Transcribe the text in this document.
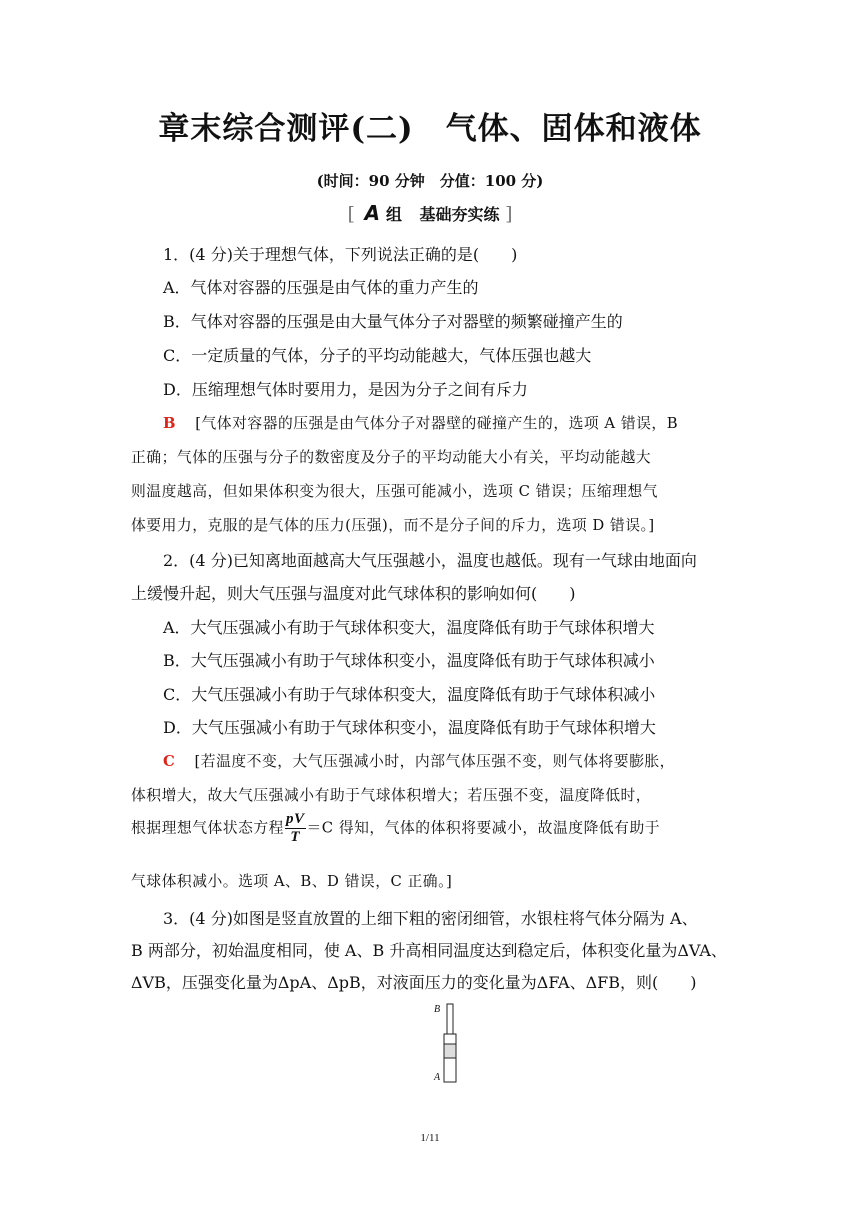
章末综合测评(二)　气体、固体和液体
(时间：90 分钟　分值：100 分)
[ A 组 基础夯实练 ]
1．(4 分)关于理想气体，下列说法正确的是(　　)
A．气体对容器的压强是由气体的重力产生的
B．气体对容器的压强是由大量气体分子对器壁的频繁碰撞产生的
C．一定质量的气体，分子的平均动能越大，气体压强也越大
D．压缩理想气体时要用力，是因为分子之间有斥力
B [气体对容器的压强是由气体分子对器壁的碰撞产生的，选项 A 错误，B
正确；气体的压强与分子的数密度及分子的平均动能大小有关，平均动能越大
则温度越高，但如果体积变为很大，压强可能减小，选项 C 错误；压缩理想气
体要用力，克服的是气体的压力(压强)，而不是分子间的斥力，选项 D 错误。]
2．(4 分)已知离地面越高大气压强越小，温度也越低。现有一气球由地面向
上缓慢升起，则大气压强与温度对此气球体积的影响如何(　　)
A．大气压强减小有助于气球体积变大，温度降低有助于气球体积增大
B．大气压强减小有助于气球体积变小，温度降低有助于气球体积减小
C．大气压强减小有助于气球体积变大，温度降低有助于气球体积减小
D．大气压强减小有助于气球体积变小，温度降低有助于气球体积增大
C [若温度不变，大气压强减小时，内部气体压强不变，则气体将要膨胀，
体积增大，故大气压强减小有助于气球体积增大；若压强不变，温度降低时，
根据理想气体状态方程 $\frac{pV}{T} =C$ 得知，气体的体积将要减小，故温度降低有助于
气球体积减小。选项 A、B、D 错误，C 正确。]
3．(4 分)如图是竖直放置的上细下粗的密闭细管，水银柱将气体分隔为 A、
B 两部分，初始温度相同，使 A、B 升高相同温度达到稳定后，体积变化量为ΔVA、
ΔVB，压强变化量为ΔpA、ΔpB，对液面压力的变化量为ΔFA、ΔFB，则(　　)
B
A
1/11
